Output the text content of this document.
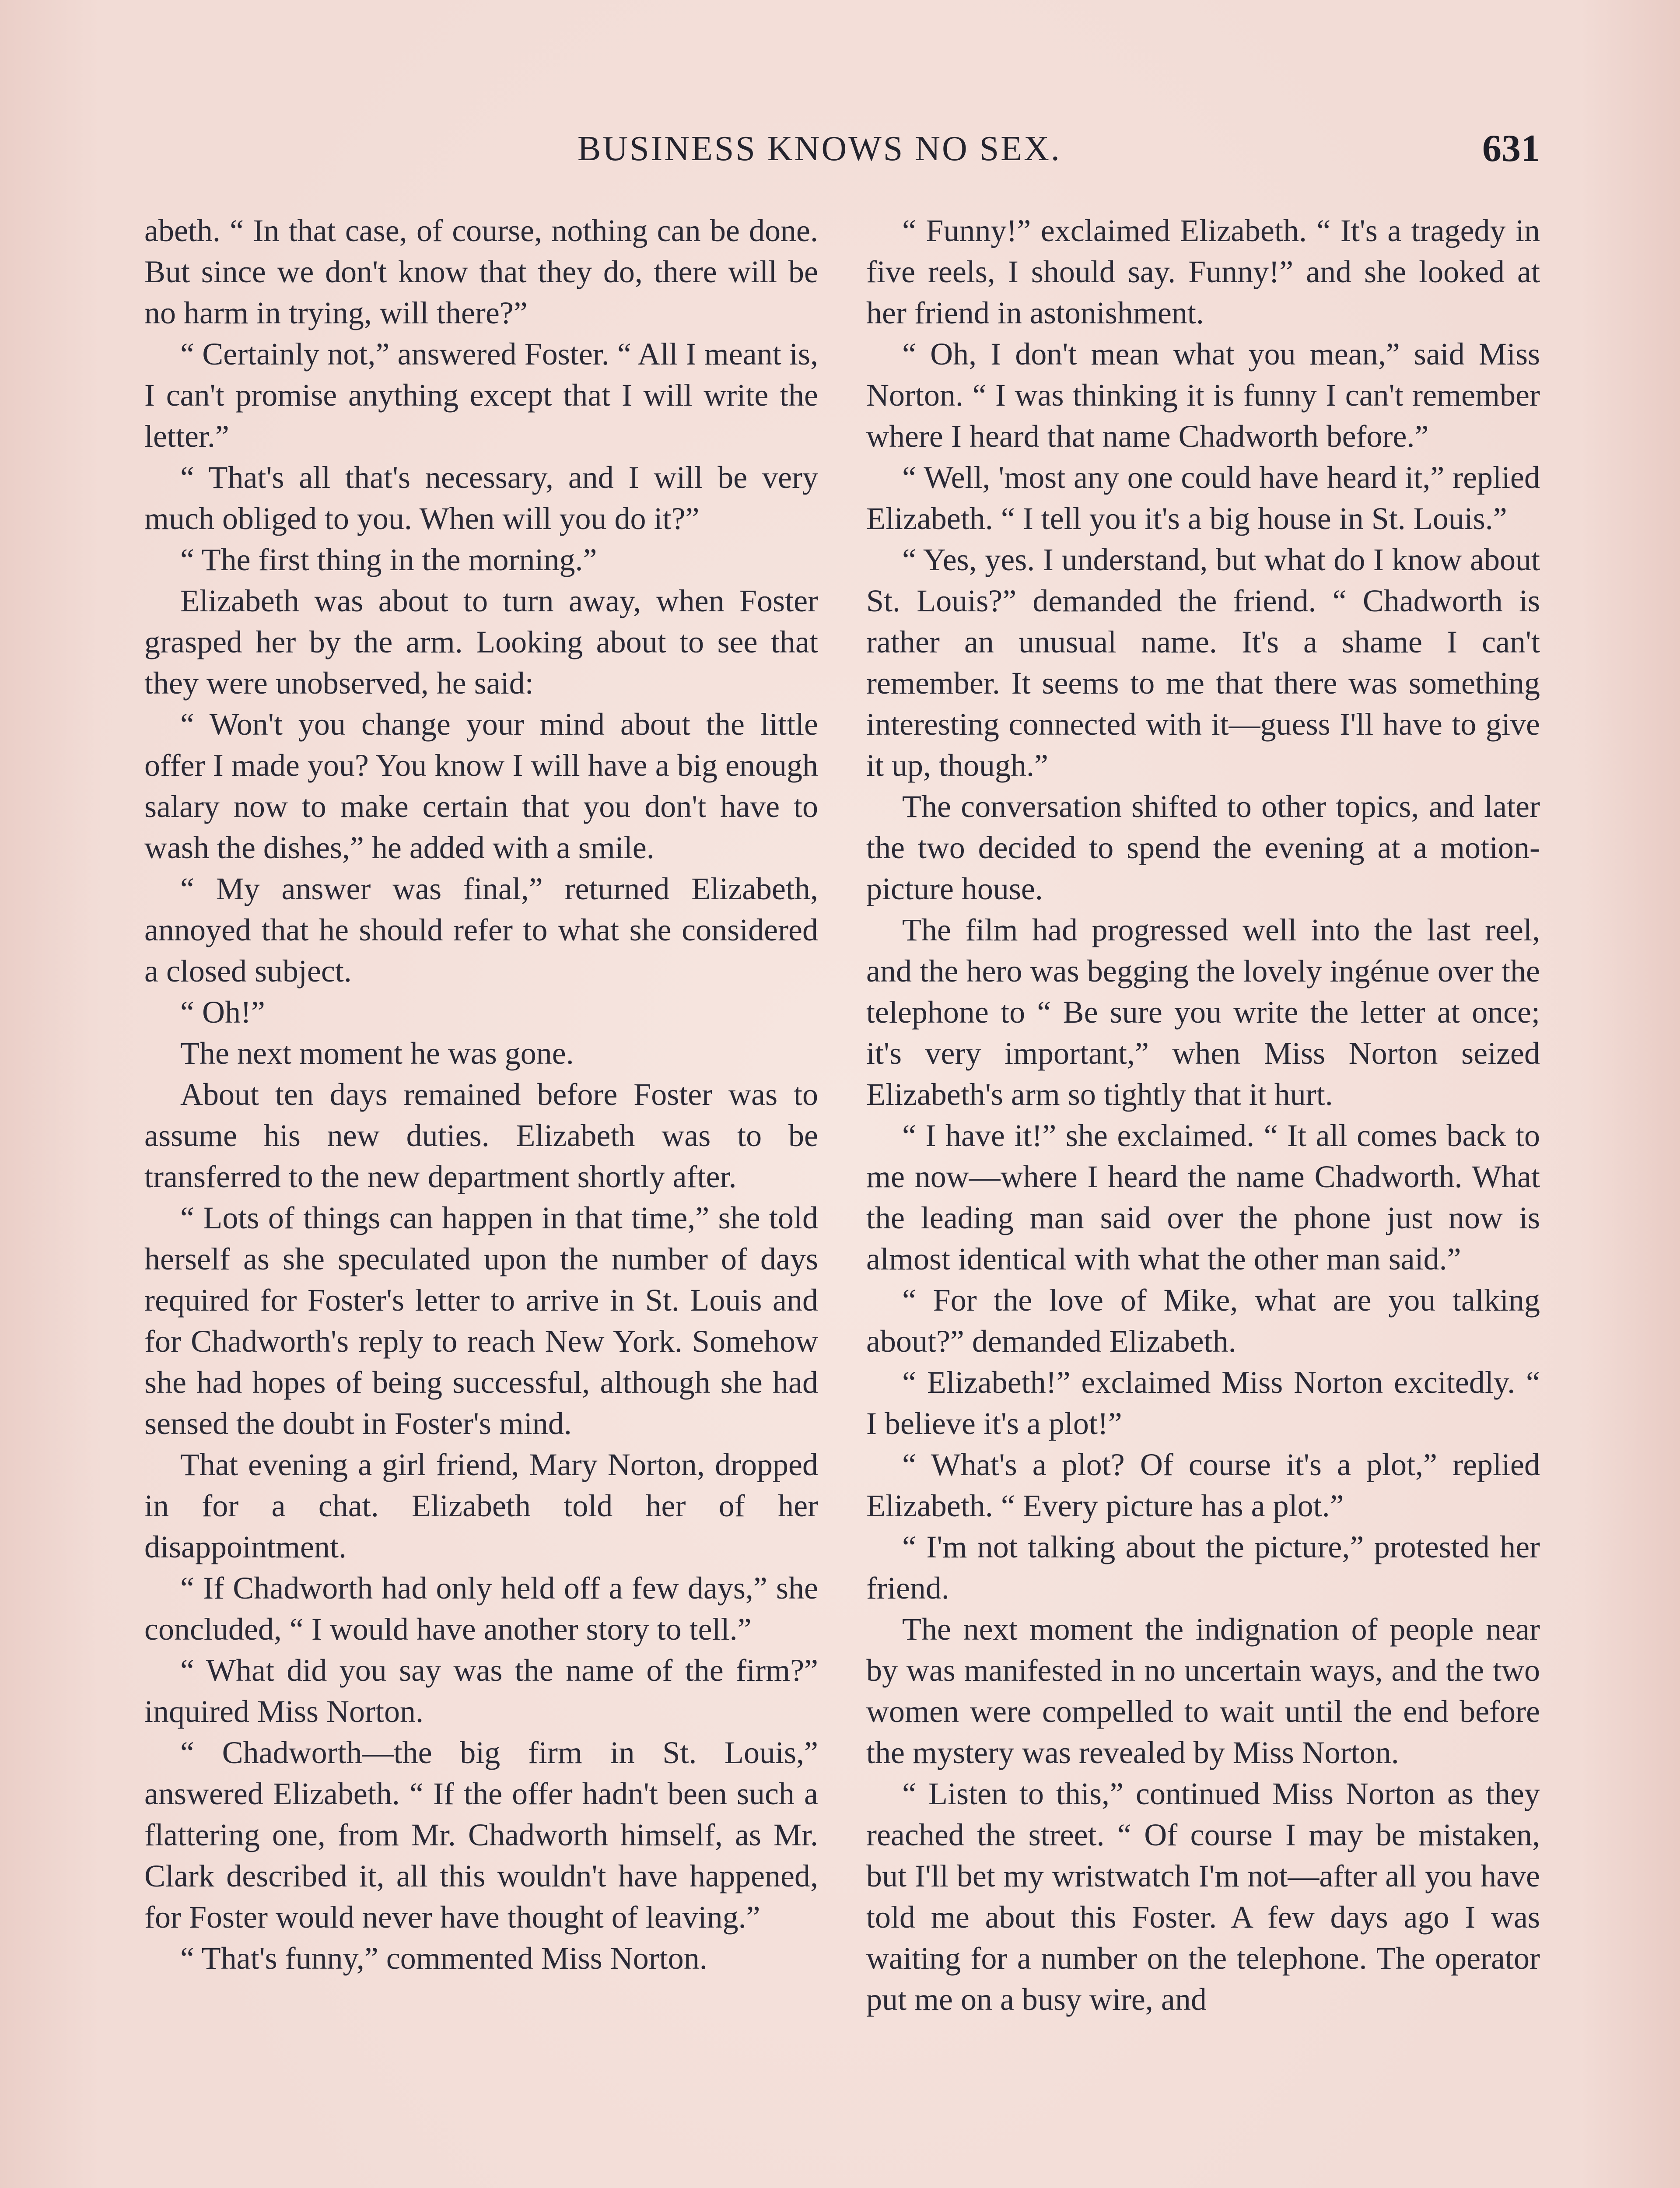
BUSINESS KNOWS NO SEX.	631

abeth. “ In that case, of course, nothing can be done. But since we don't know that they do, there will be no harm in trying, will there?”

“ Certainly not,” answered Foster. “ All I meant is, I can't promise anything except that I will write the letter.”

“ That's all that's necessary, and I will be very much obliged to you. When will you do it?”

“ The first thing in the morning.”

Elizabeth was about to turn away, when Foster grasped her by the arm. Looking about to see that they were unobserved, he said:

“ Won't you change your mind about the little offer I made you? You know I will have a big enough salary now to make certain that you don't have to wash the dishes,” he added with a smile.

“ My answer was final,” returned Elizabeth, annoyed that he should refer to what she considered a closed subject.

“ Oh!”

The next moment he was gone.

About ten days remained before Foster was to assume his new duties. Elizabeth was to be transferred to the new department shortly after.

“ Lots of things can happen in that time,” she told herself as she speculated upon the number of days required for Foster's letter to arrive in St. Louis and for Chadworth's reply to reach New York. Somehow she had hopes of being successful, although she had sensed the doubt in Foster's mind.

That evening a girl friend, Mary Norton, dropped in for a chat. Elizabeth told her of her disappointment.

“ If Chadworth had only held off a few days,” she concluded, “ I would have another story to tell.”

“ What did you say was the name of the firm?” inquired Miss Norton.

“ Chadworth—the big firm in St. Louis,” answered Elizabeth. “ If the offer hadn't been such a flattering one, from Mr. Chadworth himself, as Mr. Clark described it, all this wouldn't have happened, for Foster would never have thought of leaving.”

“ That's funny,” commented Miss Norton.

“ Funny!” exclaimed Elizabeth. “ It's a tragedy in five reels, I should say. Funny!” and she looked at her friend in astonishment.

“ Oh, I don't mean what you mean,” said Miss Norton. “ I was thinking it is funny I can't remember where I heard that name Chadworth before.”

“ Well, 'most any one could have heard it,” replied Elizabeth. “ I tell you it's a big house in St. Louis.”

“ Yes, yes. I understand, but what do I know about St. Louis?” demanded the friend. “ Chadworth is rather an unusual name. It's a shame I can't remember. It seems to me that there was something interesting connected with it—guess I'll have to give it up, though.”

The conversation shifted to other topics, and later the two decided to spend the evening at a motion-picture house.

The film had progressed well into the last reel, and the hero was begging the lovely ingénue over the telephone to “ Be sure you write the letter at once; it's very important,” when Miss Norton seized Elizabeth's arm so tightly that it hurt.

“ I have it!” she exclaimed. “ It all comes back to me now—where I heard the name Chadworth. What the leading man said over the phone just now is almost identical with what the other man said.”

“ For the love of Mike, what are you talking about?” demanded Elizabeth.

“ Elizabeth!” exclaimed Miss Norton excitedly. “ I believe it's a plot!”

“ What's a plot? Of course it's a plot,” replied Elizabeth. “ Every picture has a plot.”

“ I'm not talking about the picture,” protested her friend.

The next moment the indignation of people near by was manifested in no uncertain ways, and the two women were compelled to wait until the end before the mystery was revealed by Miss Norton.

“ Listen to this,” continued Miss Norton as they reached the street. “ Of course I may be mistaken, but I'll bet my wristwatch I'm not—after all you have told me about this Foster. A few days ago I was waiting for a number on the telephone. The operator put me on a busy wire, and
